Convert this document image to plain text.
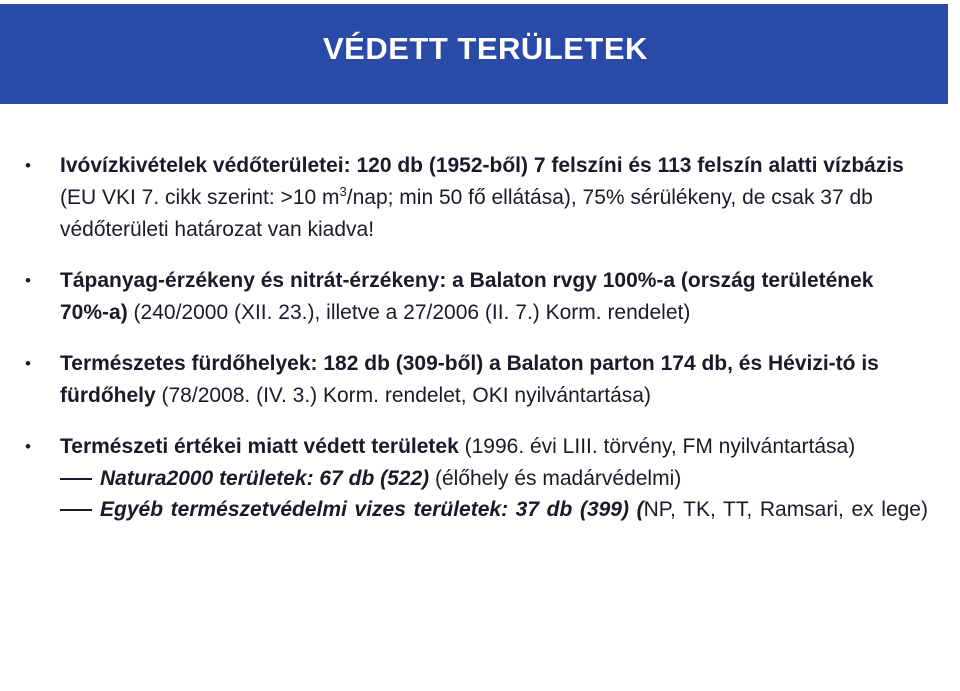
VÉDETT TERÜLETEK
• Ivóvízkivételek védőterületei: 120 db (1952-ből) 7 felszíni és 113 felszín alatti vízbázis (EU VKI 7. cikk szerint: >10 $m^3$/nap; min 50 fő ellátása), 75% sérülékeny, de csak 37 db védőterületi határozat van kiadva!
• Tápanyag-érzékeny és nitrát-érzékeny: a Balaton rvgy 100%-a (ország területének 70%-a) (240/2000 (XII. 23.), illetve a 27/2006 (II. 7.) Korm. rendelet)
• Természetes fürdőhelyek: 182 db (309-ből) a Balaton parton 174 db, és Hévizi-tó is fürdőhely (78/2008. (IV. 3.) Korm. rendelet, OKI nyilvántartása)
• Természeti értékei miatt védett területek (1996. évi LIII. törvény, FM nyilvántartása)
Natura2000 területek: 67 db (522) (élőhely és madárvédelmi)
Egyéb természetvédelmi vizes területek: 37 db (399) (NP, TK, TT, Ramsari, ex lege)
